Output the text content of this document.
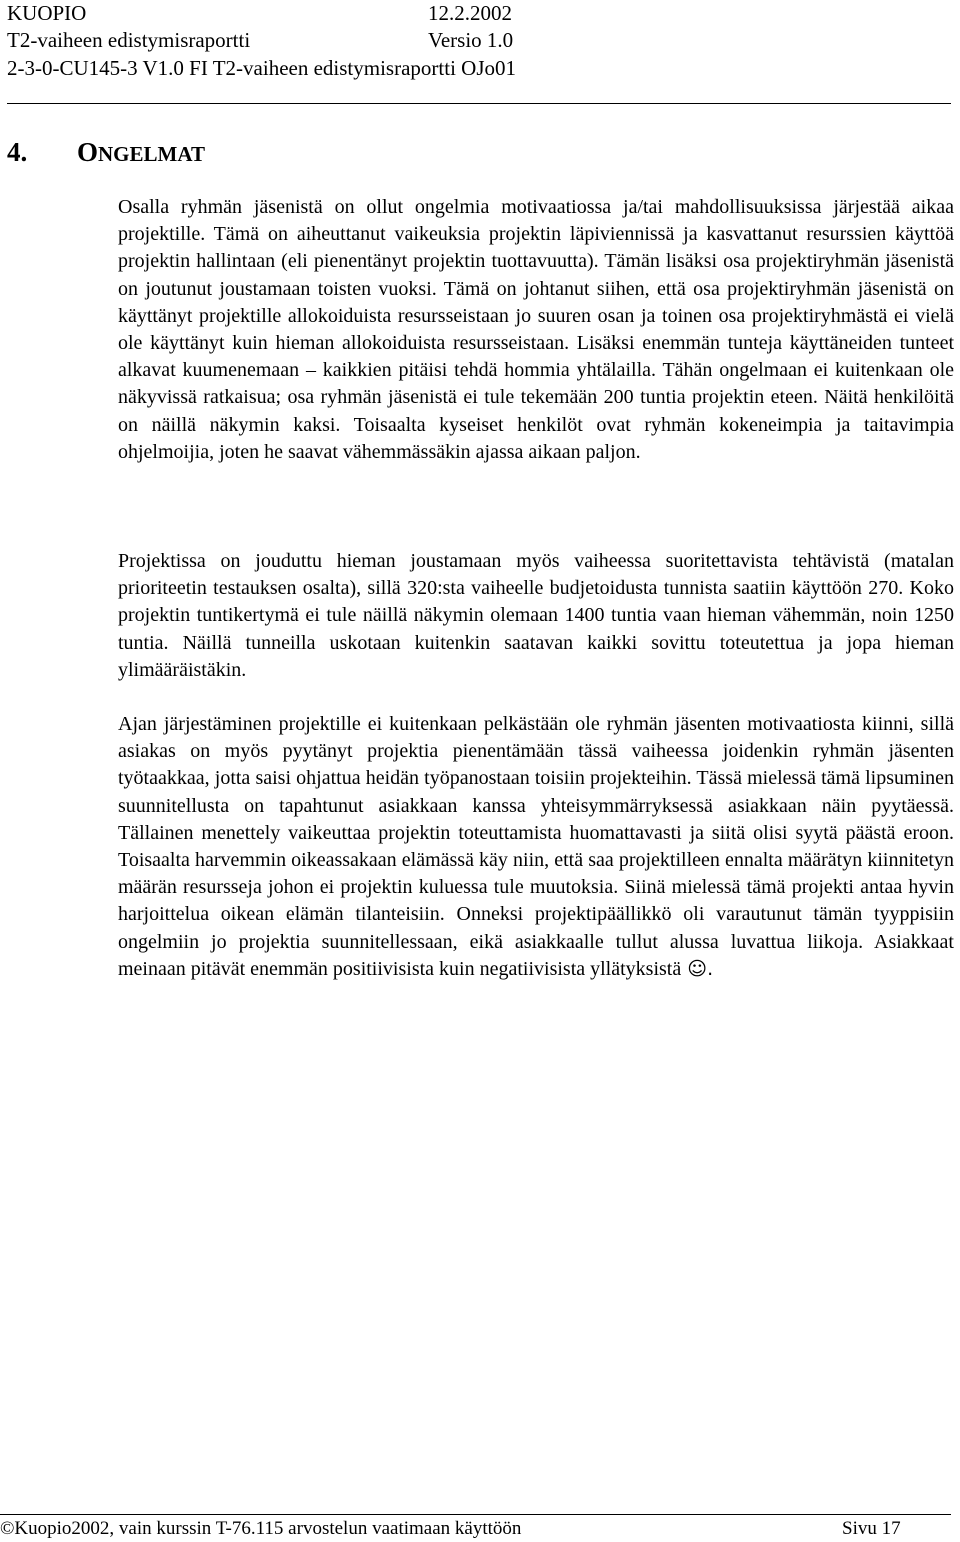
KUOPIO	12.2.2002
T2-vaiheen edistymisraportti	Versio 1.0
2-3-0-CU145-3 V1.0 FI T2-vaiheen edistymisraportti OJo01
4. ONGELMAT

Osalla ryhmän jäsenistä on ollut ongelmia motivaatiossa ja/tai mahdollisuuksissa järjestää aikaa projektille. Tämä on aiheuttanut vaikeuksia projektin läpiviennissä ja kasvattanut resurssien käyttöä projektin hallintaan (eli pienentänyt projektin tuottavuutta). Tämän lisäksi osa projektiryhmän jäsenistä on joutunut joustamaan toisten vuoksi. Tämä on johtanut siihen, että osa projektiryhmän jäsenistä on käyttänyt projektille allokoiduista resursseistaan jo suuren osan ja toinen osa projektiryhmästä ei vielä ole käyttänyt kuin hieman allokoiduista resursseistaan. Lisäksi enemmän tunteja käyttäneiden tunteet alkavat kuumenemaan – kaikkien pitäisi tehdä hommia yhtälailla. Tähän ongelmaan ei kuitenkaan ole näkyvissä ratkaisua; osa ryhmän jäsenistä ei tule tekemään 200 tuntia projektin eteen. Näitä henkilöitä on näillä näkymin kaksi. Toisaalta kyseiset henkilöt ovat ryhmän kokeneimpia ja taitavimpia ohjelmoijia, joten he saavat vähemmässäkin ajassa aikaan paljon.

Projektissa on jouduttu hieman joustamaan myös vaiheessa suoritettavista tehtävistä (matalan prioriteetin testauksen osalta), sillä 320:sta vaiheelle budjetoidusta tunnista saatiin käyttöön 270. Koko projektin tuntikertymä ei tule näillä näkymin olemaan 1400 tuntia vaan hieman vähemmän, noin 1250 tuntia. Näillä tunneilla uskotaan kuitenkin saatavan kaikki sovittu toteutettua ja jopa hieman ylimääräistäkin.

Ajan järjestäminen projektille ei kuitenkaan pelkästään ole ryhmän jäsenten motivaatiosta kiinni, sillä asiakas on myös pyytänyt projektia pienentämään tässä vaiheessa joidenkin ryhmän jäsenten työtaakkaa, jotta saisi ohjattua heidän työpanostaan toisiin projekteihin. Tässä mielessä tämä lipsuminen suunnitellusta on tapahtunut asiakkaan kanssa yhteisymmärryksessä asiakkaan näin pyytäessä. Tällainen menettely vaikeuttaa projektin toteuttamista huomattavasti ja siitä olisi syytä päästä eroon. Toisaalta harvemmin oikeassakaan elämässä käy niin, että saa projektilleen ennalta määrätyn kiinnitetyn määrän resursseja johon ei projektin kuluessa tule muutoksia. Siinä mielessä tämä projekti antaa hyvin harjoittelua oikean elämän tilanteisiin. Onneksi projektipäällikkö oli varautunut tämän tyyppisiin ongelmiin jo projektia suunnitellessaan, eikä asiakkaalle tullut alussa luvattua liikoja. Asiakkaat meinaan pitävät enemmän positiivisista kuin negatiivisista yllätyksistä ☺.

©Kuopio2002, vain kurssin T-76.115 arvostelun vaatimaan käyttöön	Sivu 17
